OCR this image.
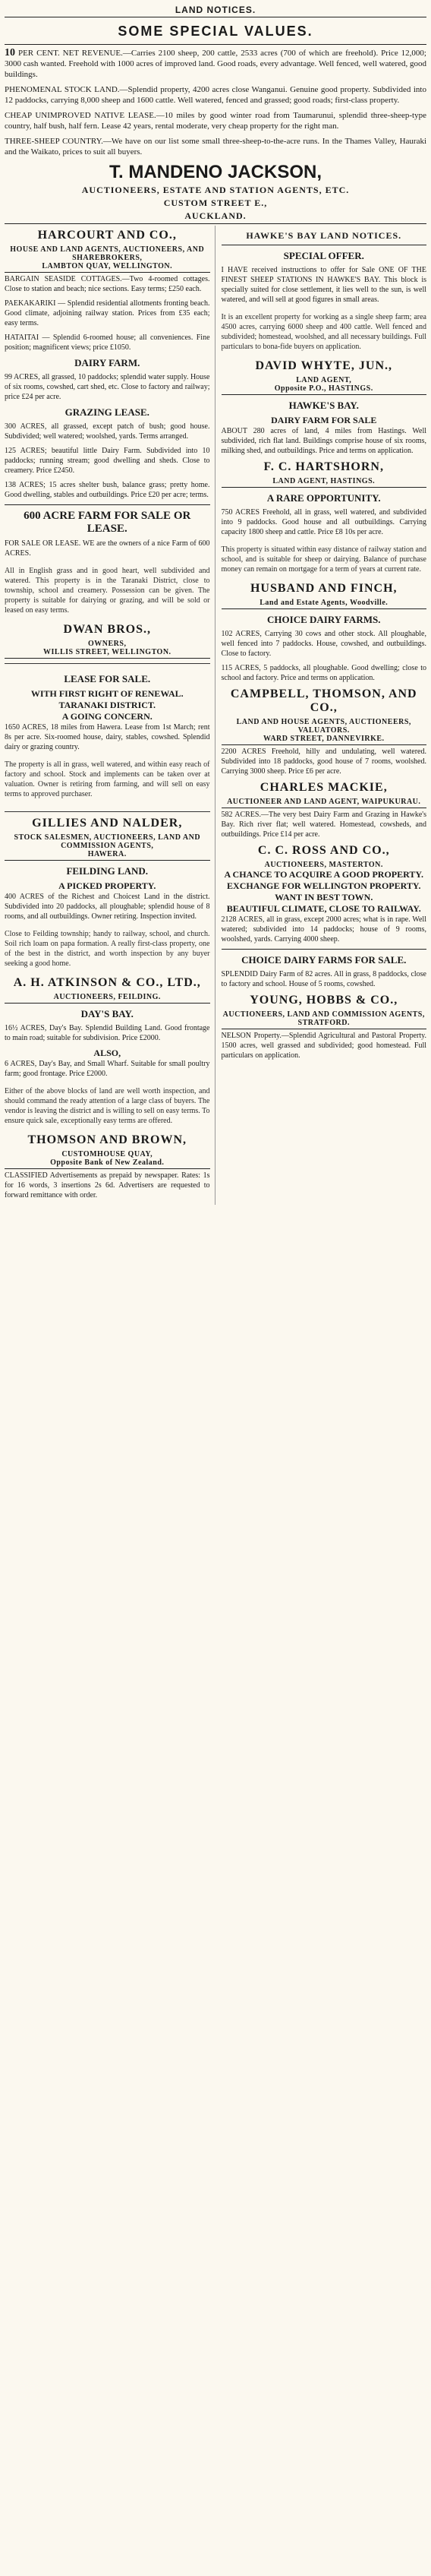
LAND NOTICES.
SOME SPECIAL VALUES.

10 PER CENT. NET REVENUE.—Carries 2100 sheep, 200 cattle, 2533 acres (700 of which are freehold). Price 12,000; 3000 cash wanted. Freehold with 1000 acres of improved land. Good roads, every advantage. Well fenced, well watered, good buildings.

PHENOMENAL STOCK LAND.—Splendid property, 4200 acres close Wanganui. Genuine good property. Subdivided into 12 paddocks, carrying 8,000 sheep and 1600 cattle. Well watered, fenced and grassed; good roads; first-class property.

CHEAP UNIMPROVED NATIVE LEASE.—10 miles by good winter road from Taumarunui, splendid three-sheep-type country, half bush, half fern. Lease 42 years, rental moderate, very cheap property for the right man.

THREE-SHEEP COUNTRY.—We have on our list some small three-sheep-to-the-acre runs. In the Thames Valley, Hauraki and the Waikato, prices to suit all buyers.

T. MANDENO JACKSON,
AUCTIONEERS, ESTATE AND STATION AGENTS, ETC.
CUSTOM STREET E.,
AUCKLAND.
HARCOURT AND CO.,
HOUSE AND LAND AGENTS, AUCTIONEERS, AND SHAREBROKERS,
LAMBTON QUAY, WELLINGTON.

BARGAIN SEASIDE COTTAGES.—Two 4-roomed cottages. Close to station and beach; nice sections. Easy terms; £250 each.

PAEKAKARIKI — Splendid residential allotments fronting beach. Good climate, adjoining railway station. Prices from £35 each; easy terms.

HATAITAI — Splendid 6-roomed house; all conveniences. Fine position; magnificent views; price £1050.

DAIRY FARM.

99 ACRES, all grassed, 10 paddocks; splendid water supply. House of six rooms, cowshed, cart shed, etc. Close to factory and railway; price £24 per acre.

GRAZING LEASE.

300 ACRES, all grassed, except patch of bush; good house. Subdivided; well watered; woolshed, yards. Terms arranged.

125 ACRES; beautiful little Dairy Farm. Subdivided into 10 paddocks; running stream; good dwelling and sheds. Close to creamery. Price £2450.

138 ACRES; 15 acres shelter bush, balance grass; pretty home. Good dwelling, stables and outbuildings. Price £20 per acre; terms.

600 ACRE FARM FOR SALE OR LEASE.

FOR SALE OR LEASE. WE are the owners of a nice Farm of 600 ACRES.

All in English grass and in good heart, well subdivided and watered. This property is in the Taranaki District, close to township, school and creamery. Possession can be given. The property is suitable for dairying or grazing, and will be sold or leased on easy terms.

DWAN BROS.,
OWNERS,
WILLIS STREET, WELLINGTON.
LEASE FOR SALE.
WITH FIRST RIGHT OF RENEWAL.
TARANAKI DISTRICT.
A GOING CONCERN.

1650 ACRES, 18 miles from Hawera. Lease from 1st March; rent 8s per acre. Six-roomed house, dairy, stables, cowshed. Splendid dairy or grazing country.

The property is all in grass, well watered, and within easy reach of factory and school. Stock and implements can be taken over at valuation. Owner is retiring from farming, and will sell on easy terms to approved purchaser.

GILLIES AND NALDER,
STOCK SALESMEN, AUCTIONEERS, LAND AND COMMISSION AGENTS,
HAWERA.
FEILDING LAND.
A PICKED PROPERTY.

400 ACRES of the Richest and Choicest Land in the district. Subdivided into 20 paddocks, all ploughable; splendid house of 8 rooms, and all outbuildings. Owner retiring. Inspection invited.

Close to Feilding township; handy to railway, school, and church. Soil rich loam on papa formation. A really first-class property, one of the best in the district, and worth inspection by any buyer seeking a good home.

A. H. ATKINSON & CO., LTD.,
AUCTIONEERS, FEILDING.
DAY'S BAY.

16½ ACRES, Day's Bay. Splendid Building Land. Good frontage to main road; suitable for subdivision. Price £2000.

ALSO,

6 ACRES, Day's Bay, and Small Wharf. Suitable for small poultry farm; good frontage. Price £2000.

Either of the above blocks of land are well worth inspection, and should command the ready attention of a large class of buyers. The vendor is leaving the district and is willing to sell on easy terms. To ensure quick sale, exceptionally easy terms are offered.

THOMSON AND BROWN,
CUSTOMHOUSE QUAY,
Opposite Bank of New Zealand.

CLASSIFIED Advertisements as prepaid by newspaper. Rates: 1s for 16 words, 3 insertions 2s 6d. Advertisers are requested to forward remittance with order.

HAWKE'S BAY LAND NOTICES.
SPECIAL OFFER.

I HAVE received instructions to offer for Sale ONE OF THE FINEST SHEEP STATIONS IN HAWKE'S BAY. This block is specially suited for close settlement, it lies well to the sun, is well watered, and will sell at good figures in small areas.

It is an excellent property for working as a single sheep farm; area 4500 acres, carrying 6000 sheep and 400 cattle. Well fenced and subdivided; homestead, woolshed, and all necessary buildings. Full particulars to bona-fide buyers on application.

DAVID WHYTE, JUN.,
LAND AGENT,
Opposite P.O., HASTINGS.
HAWKE'S BAY.
DAIRY FARM FOR SALE

ABOUT 280 acres of land, 4 miles from Hastings. Well subdivided, rich flat land. Buildings comprise house of six rooms, milking shed, and outbuildings. Price and terms on application.

F. C. HARTSHORN,
LAND AGENT, HASTINGS.
A RARE OPPORTUNITY.

750 ACRES Freehold, all in grass, well watered, and subdivided into 9 paddocks. Good house and all outbuildings. Carrying capacity 1800 sheep and cattle. Price £8 10s per acre.

This property is situated within easy distance of railway station and school, and is suitable for sheep or dairying. Balance of purchase money can remain on mortgage for a term of years at current rate.

HUSBAND AND FINCH,
Land and Estate Agents, Woodville.
CHOICE DAIRY FARMS.

102 ACRES, Carrying 30 cows and other stock. All ploughable, well fenced into 7 paddocks. House, cowshed, and outbuildings. Close to factory.

115 ACRES, 5 paddocks, all ploughable. Good dwelling; close to school and factory. Price and terms on application.

CAMPBELL, THOMSON, AND CO.,
LAND AND HOUSE AGENTS, AUCTIONEERS, VALUATORS.
WARD STREET, DANNEVIRKE.

2200 ACRES Freehold, hilly and undulating, well watered. Subdivided into 18 paddocks, good house of 7 rooms, woolshed. Carrying 3000 sheep. Price £6 per acre.

CHARLES MACKIE,
AUCTIONEER AND LAND AGENT, WAIPUKURAU.

582 ACRES.—The very best Dairy Farm and Grazing in Hawke's Bay. Rich river flat; well watered. Homestead, cowsheds, and outbuildings. Price £14 per acre.

C. C. ROSS AND CO.,
AUCTIONEERS, MASTERTON.
A CHANCE TO ACQUIRE A GOOD PROPERTY.
EXCHANGE FOR WELLINGTON PROPERTY. WANT IN BEST TOWN.
BEAUTIFUL CLIMATE, CLOSE TO RAILWAY.

2128 ACRES, all in grass, except 2000 acres; what is in rape. Well watered; subdivided into 14 paddocks; house of 9 rooms, woolshed, yards. Carrying 4000 sheep.

CHOICE DAIRY FARMS FOR SALE.

SPLENDID Dairy Farm of 82 acres. All in grass, 8 paddocks, close to factory and school. House of 5 rooms, cowshed.

YOUNG, HOBBS & CO.,
AUCTIONEERS, LAND AND COMMISSION AGENTS,
STRATFORD.

NELSON Property.—Splendid Agricultural and Pastoral Property. 1500 acres, well grassed and subdivided; good homestead. Full particulars on application.
